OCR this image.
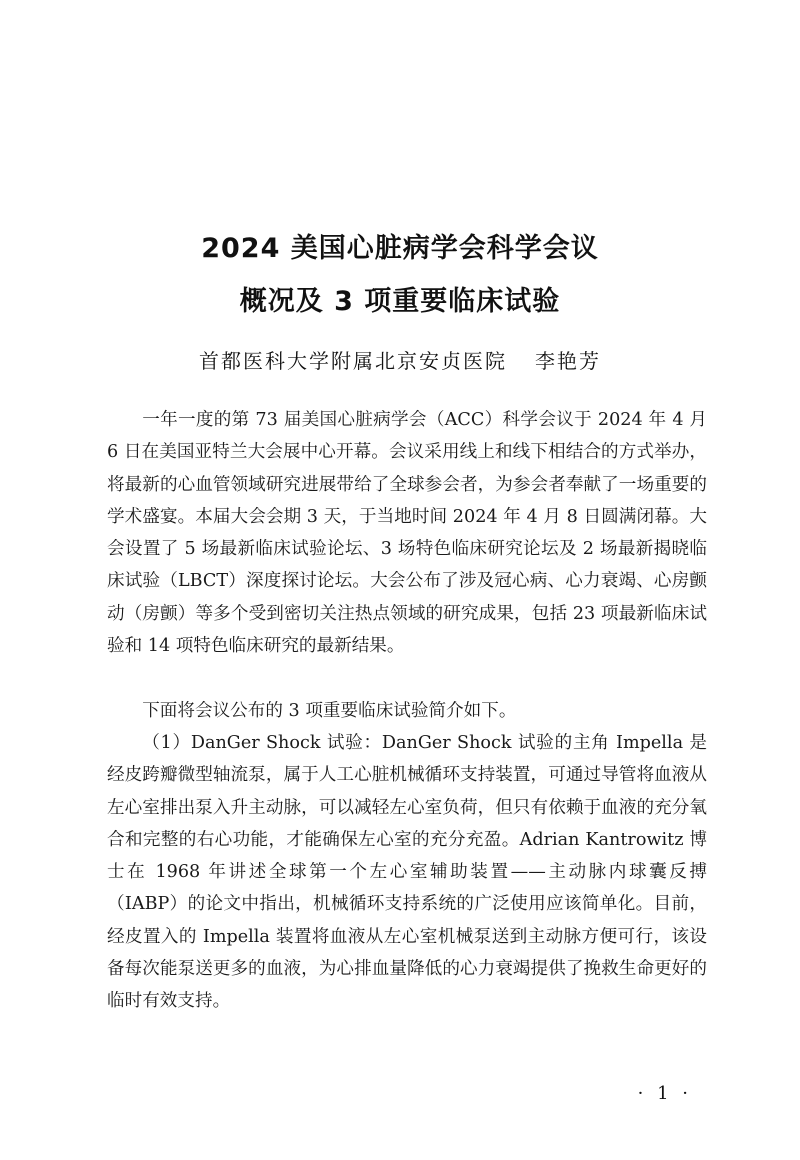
2024 美国心脏病学会科学会议
概况及 3 项重要临床试验
首都医科大学附属北京安贞医院 李艳芳

一年一度的第 73 届美国心脏病学会（ACC）科学会议于 2024 年 4 月 6 日在美国亚特兰大会展中心开幕。会议采用线上和线下相结合的方式举办，将最新的心血管领域研究进展带给了全球参会者，为参会者奉献了一场重要的学术盛宴。本届大会会期 3 天，于当地时间 2024 年 4 月 8 日圆满闭幕。大会设置了 5 场最新临床试验论坛、3 场特色临床研究论坛及 2 场最新揭晓临床试验（LBCT）深度探讨论坛。大会公布了涉及冠心病、心力衰竭、心房颤动（房颤）等多个受到密切关注热点领域的研究成果，包括 23 项最新临床试验和 14 项特色临床研究的最新结果。

下面将会议公布的 3 项重要临床试验简介如下。

（1）DanGer Shock 试验：DanGer Shock 试验的主角 Impella 是经皮跨瓣微型轴流泵，属于人工心脏机械循环支持装置，可通过导管将血液从左心室排出泵入升主动脉，可以减轻左心室负荷，但只有依赖于血液的充分氧合和完整的右心功能，才能确保左心室的充分充盈。Adrian Kantrowitz 博士在 1968 年讲述全球第一个左心室辅助装置——主动脉内球囊反搏（IABP）的论文中指出，机械循环支持系统的广泛使用应该简单化。目前，经皮置入的 Impella 装置将血液从左心室机械泵送到主动脉方便可行，该设备每次能泵送更多的血液，为心排血量降低的心力衰竭提供了挽救生命更好的临时有效支持。

· 1 ·
